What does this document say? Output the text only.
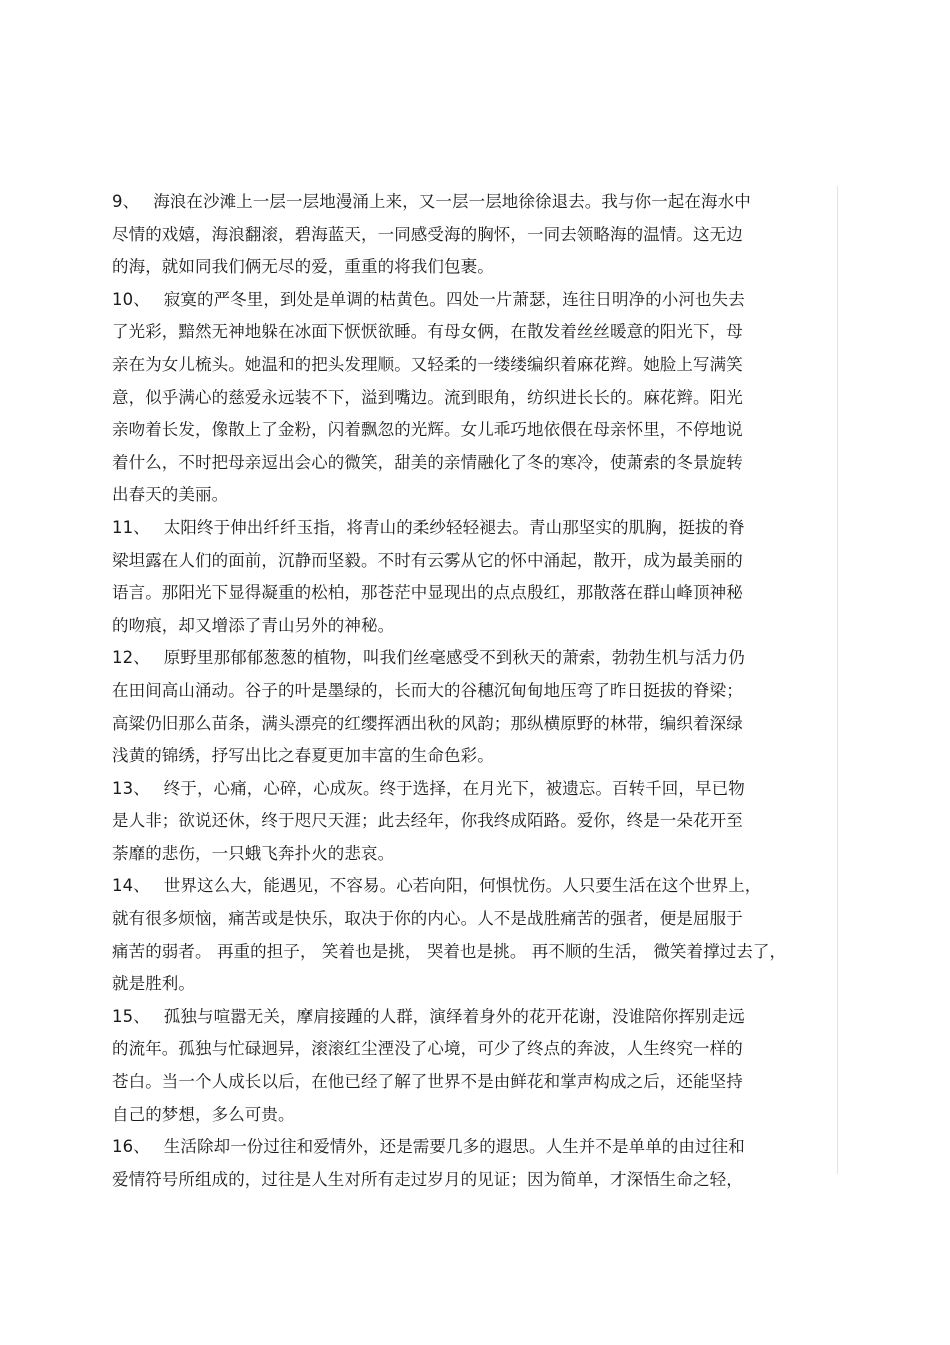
9、 海浪在沙滩上一层一层地漫涌上来，又一层一层地徐徐退去。我与你一起在海水中
尽情的戏嬉，海浪翻滚，碧海蓝天，一同感受海的胸怀，一同去领略海的温情。这无边
的海，就如同我们俩无尽的爱，重重的将我们包裹。
10、 寂寞的严冬里，到处是单调的枯黄色。四处一片萧瑟，连往日明净的小河也失去
了光彩，黯然无神地躲在冰面下恹恹欲睡。有母女俩，在散发着丝丝暖意的阳光下，母
亲在为女儿梳头。她温和的把头发理顺。又轻柔的一缕缕编织着麻花辫。她脸上写满笑
意，似乎满心的慈爱永远装不下，溢到嘴边。流到眼角，纺织进长长的。麻花辫。阳光
亲吻着长发，像散上了金粉，闪着飘忽的光辉。女儿乖巧地依偎在母亲怀里，不停地说
着什么，不时把母亲逗出会心的微笑，甜美的亲情融化了冬的寒冷，使萧索的冬景旋转
出春天的美丽。
11、 太阳终于伸出纤纤玉指，将青山的柔纱轻轻褪去。青山那坚实的肌胸，挺拔的脊
梁坦露在人们的面前，沉静而坚毅。不时有云雾从它的怀中涌起，散开，成为最美丽的
语言。那阳光下显得凝重的松柏，那苍茫中显现出的点点殷红，那散落在群山峰顶神秘
的吻痕，却又增添了青山另外的神秘。
12、 原野里那郁郁葱葱的植物，叫我们丝毫感受不到秋天的萧索，勃勃生机与活力仍
在田间高山涌动。谷子的叶是墨绿的，长而大的谷穗沉甸甸地压弯了昨日挺拔的脊梁；
高粱仍旧那么苗条，满头漂亮的红缨挥洒出秋的风韵；那纵横原野的林带，编织着深绿
浅黄的锦绣，抒写出比之春夏更加丰富的生命色彩。
13、 终于，心痛，心碎，心成灰。终于选择，在月光下，被遗忘。百转千回，早已物
是人非；欲说还休，终于咫尺天涯；此去经年，你我终成陌路。爱你，终是一朵花开至
荼靡的悲伤，一只蛾飞奔扑火的悲哀。
14、 世界这么大，能遇见，不容易。心若向阳，何惧忧伤。人只要生活在这个世界上，
就有很多烦恼，痛苦或是快乐，取决于你的内心。人不是战胜痛苦的强者，便是屈服于
痛苦的弱者。 再重的担子， 笑着也是挑， 哭着也是挑。 再不顺的生活， 微笑着撑过去了，
就是胜利。
15、 孤独与喧嚣无关，摩肩接踵的人群，演绎着身外的花开花谢，没谁陪你挥别走远
的流年。孤独与忙碌迥异，滚滚红尘湮没了心境，可少了终点的奔波，人生终究一样的
苍白。当一个人成长以后，在他已经了解了世界不是由鲜花和掌声构成之后，还能坚持
自己的梦想，多么可贵。
16、 生活除却一份过往和爱情外，还是需要几多的遐思。人生并不是单单的由过往和
爱情符号所组成的，过往是人生对所有走过岁月的见证；因为简单，才深悟生命之轻，
